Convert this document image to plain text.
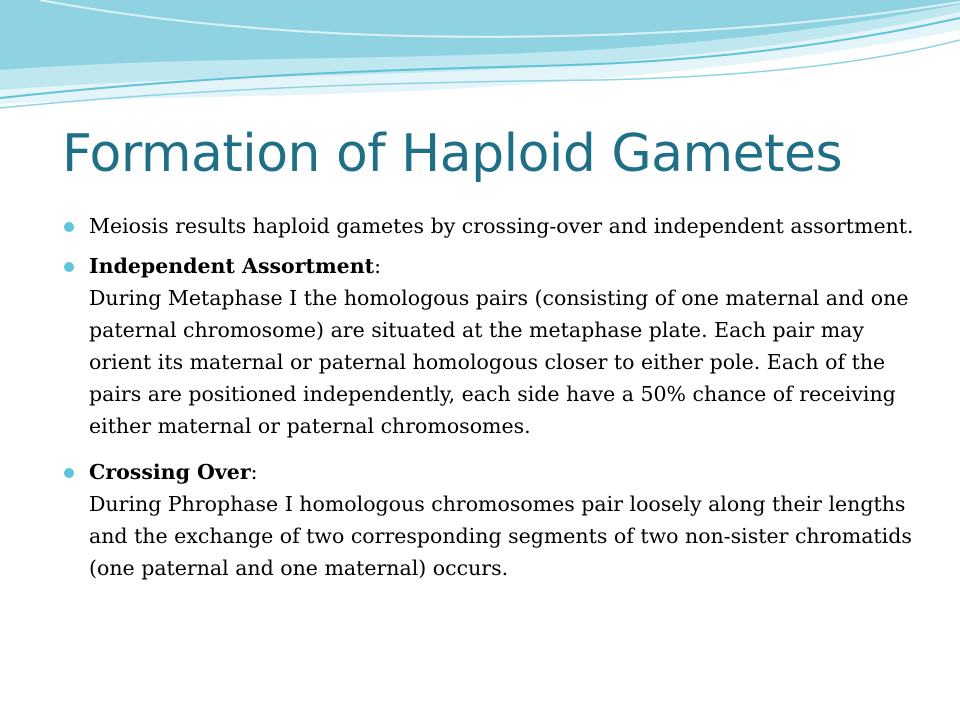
Formation of Haploid Gametes
Meiosis results haploid gametes by crossing-over and independent assortment.
Independent Assortment:
During Metaphase I the homologous pairs (consisting of one maternal and one paternal chromosome) are situated at the metaphase plate. Each pair may orient its maternal or paternal homologous closer to either pole. Each of the pairs are positioned independently, each side have a 50% chance of receiving either maternal or paternal chromosomes.
Crossing Over:
During Phrophase I homologous chromosomes pair loosely along their lengths and the exchange of two corresponding segments of two non-sister chromatids (one paternal and one maternal) occurs.
